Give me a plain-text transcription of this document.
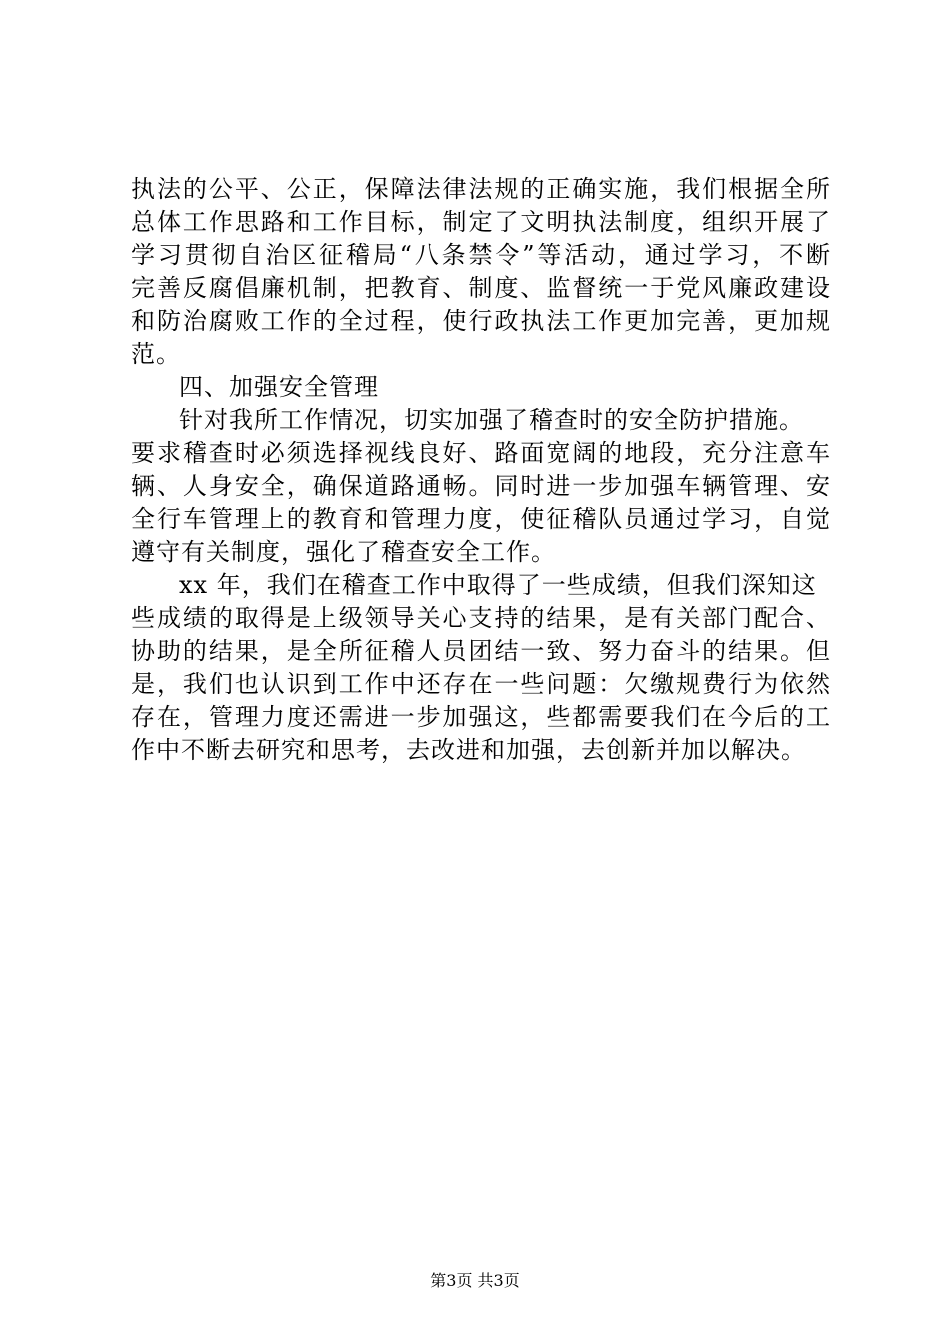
执法的公平、公正，保障法律法规的正确实施，我们根据全所
总体工作思路和工作目标，制定了文明执法制度，组织开展了
学习贯彻自治区征稽局“八条禁令”等活动，通过学习，不断
完善反腐倡廉机制，把教育、制度、监督统一于党风廉政建设
和防治腐败工作的全过程，使行政执法工作更加完善，更加规
范。
四、加强安全管理
针对我所工作情况，切实加强了稽查时的安全防护措施。
要求稽查时必须选择视线良好、路面宽阔的地段，充分注意车
辆、人身安全，确保道路通畅。同时进一步加强车辆管理、安
全行车管理上的教育和管理力度，使征稽队员通过学习，自觉
遵守有关制度，强化了稽查安全工作。
xx 年，我们在稽查工作中取得了一些成绩，但我们深知这
些成绩的取得是上级领导关心支持的结果，是有关部门配合、
协助的结果，是全所征稽人员团结一致、努力奋斗的结果。但
是，我们也认识到工作中还存在一些问题：欠缴规费行为依然
存在，管理力度还需进一步加强这，些都需要我们在今后的工
作中不断去研究和思考，去改进和加强，去创新并加以解决。
第3页 共3页
